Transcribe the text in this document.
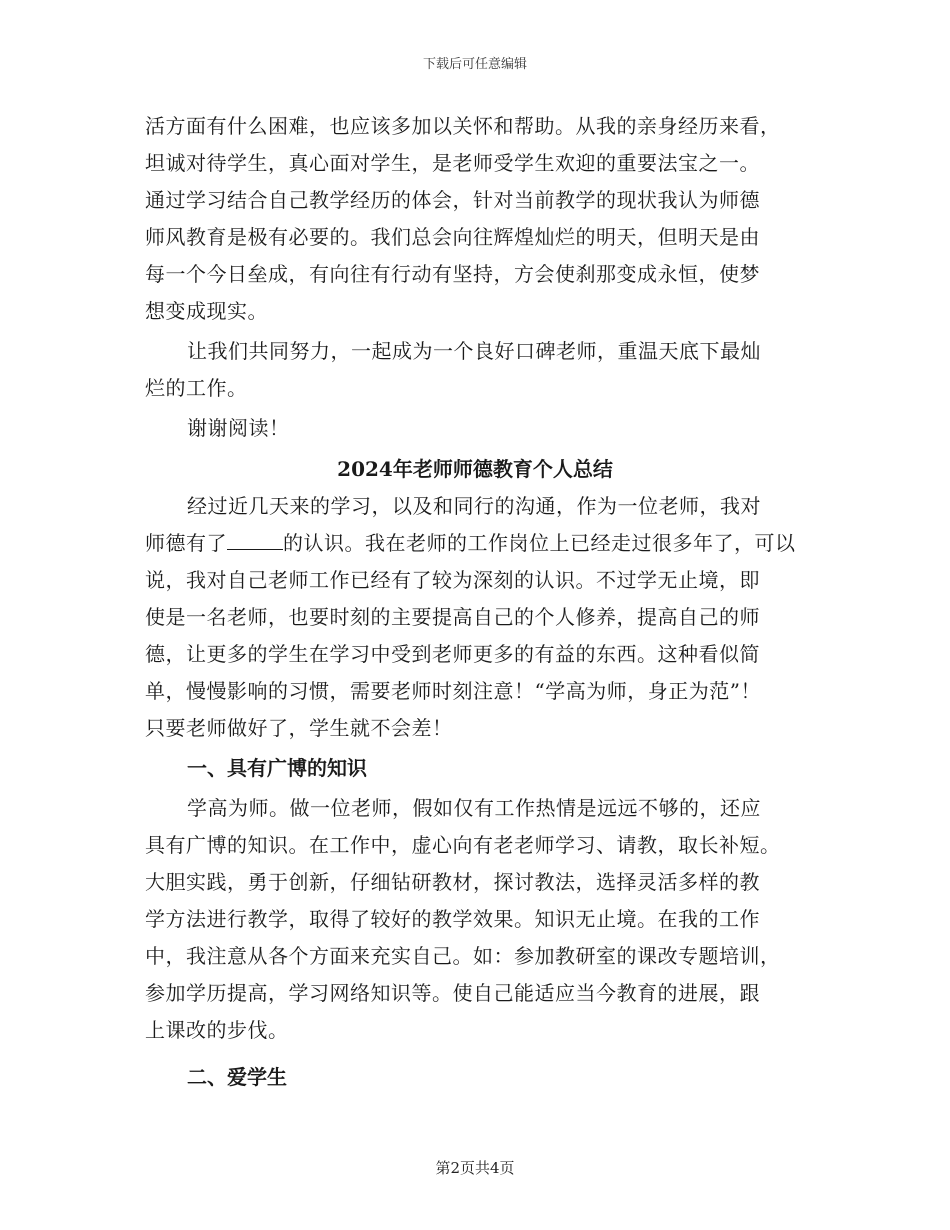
下载后可任意编辑
活方面有什么困难，也应该多加以关怀和帮助。从我的亲身经历来看，
坦诚对待学生，真心面对学生，是老师受学生欢迎的重要法宝之一。
通过学习结合自己教学经历的体会，针对当前教学的现状我认为师德
师风教育是极有必要的。我们总会向往辉煌灿烂的明天，但明天是由
每一个今日垒成，有向往有行动有坚持，方会使刹那变成永恒，使梦
想变成现实。
让我们共同努力，一起成为一个良好口碑老师，重温天底下最灿
烂的工作。
谢谢阅读！
2024年老师师德教育个人总结
经过近几天来的学习，以及和同行的沟通，作为一位老师，我对
师德有了	的认识。我在老师的工作岗位上已经走过很多年了，可以
说，我对自己老师工作已经有了较为深刻的认识。不过学无止境，即
使是一名老师，也要时刻的主要提高自己的个人修养，提高自己的师
德，让更多的学生在学习中受到老师更多的有益的东西。这种看似简
单，慢慢影响的习惯，需要老师时刻注意！“学高为师，身正为范”！
只要老师做好了，学生就不会差！
一、具有广博的知识
学高为师。做一位老师，假如仅有工作热情是远远不够的，还应
具有广博的知识。在工作中，虚心向有老老师学习、请教，取长补短。
大胆实践，勇于创新，仔细钻研教材，探讨教法，选择灵活多样的教
学方法进行教学，取得了较好的教学效果。知识无止境。在我的工作
中，我注意从各个方面来充实自己。如：参加教研室的课改专题培训，
参加学历提高，学习网络知识等。使自己能适应当今教育的进展，跟
上课改的步伐。
二、爱学生
第2页共4页
